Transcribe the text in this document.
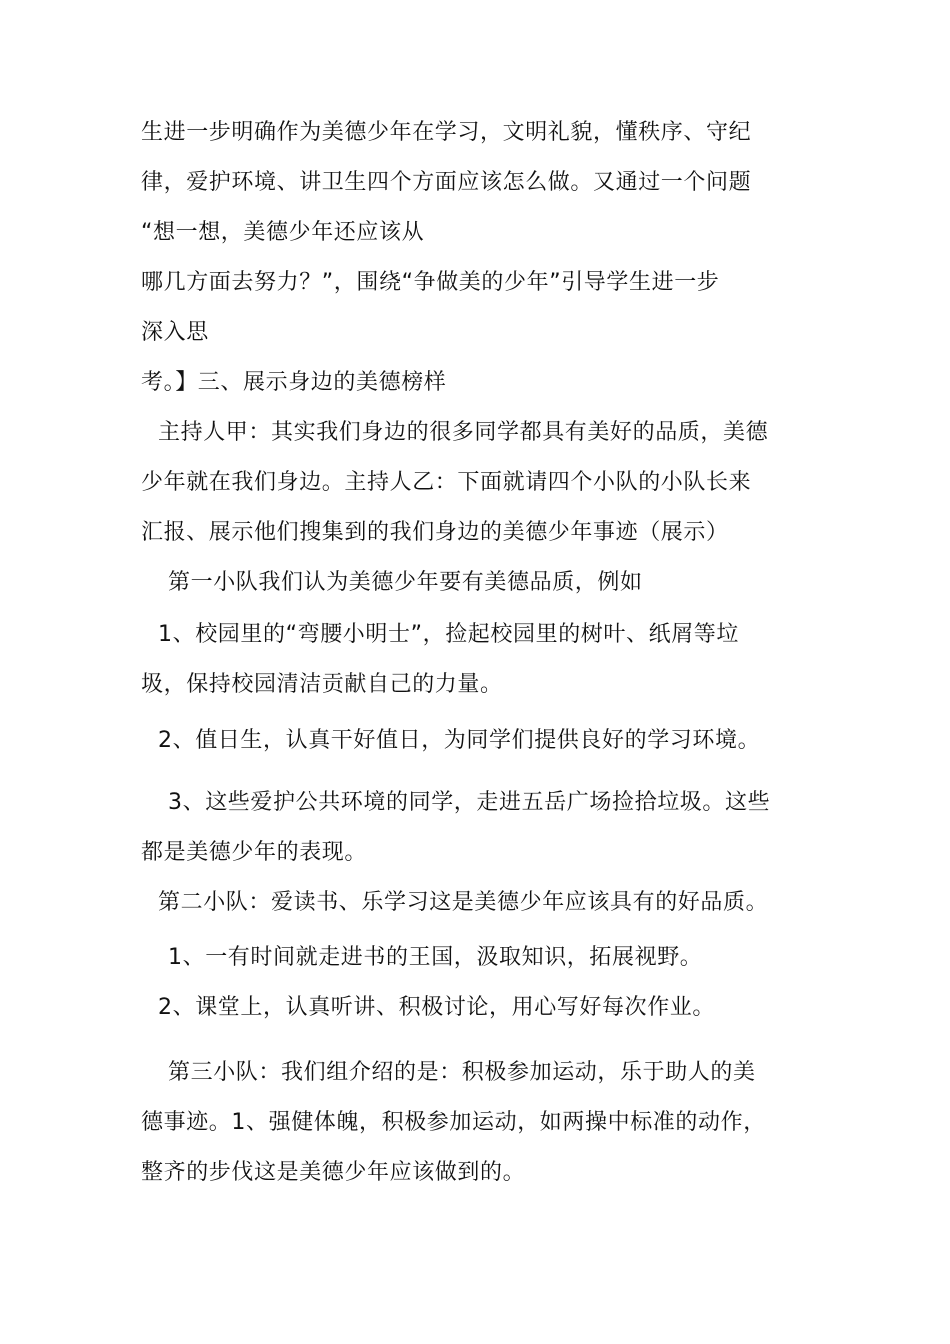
生进一步明确作为美德少年在学习，文明礼貌，懂秩序、守纪
律，爱护环境、讲卫生四个方面应该怎么做。又通过一个问题
“想一想，美德少年还应该从
哪几方面去努力？”，围绕“争做美的少年”引导学生进一步
深入思
考。】三、展示身边的美德榜样
主持人甲：其实我们身边的很多同学都具有美好的品质，美德
少年就在我们身边。主持人乙：下面就请四个小队的小队长来
汇报、展示他们搜集到的我们身边的美德少年事迹（展示）
第一小队我们认为美德少年要有美德品质，例如
1、校园里的“弯腰小明士”，捡起校园里的树叶、纸屑等垃
圾，保持校园清洁贡献自己的力量。
2、值日生，认真干好值日，为同学们提供良好的学习环境。
3、这些爱护公共环境的同学，走进五岳广场捡拾垃圾。这些
都是美德少年的表现。
第二小队：爱读书、乐学习这是美德少年应该具有的好品质。
1、一有时间就走进书的王国，汲取知识，拓展视野。
2、课堂上，认真听讲、积极讨论，用心写好每次作业。
第三小队：我们组介绍的是：积极参加运动，乐于助人的美
德事迹。1、强健体魄，积极参加运动，如两操中标准的动作，
整齐的步伐这是美德少年应该做到的。
